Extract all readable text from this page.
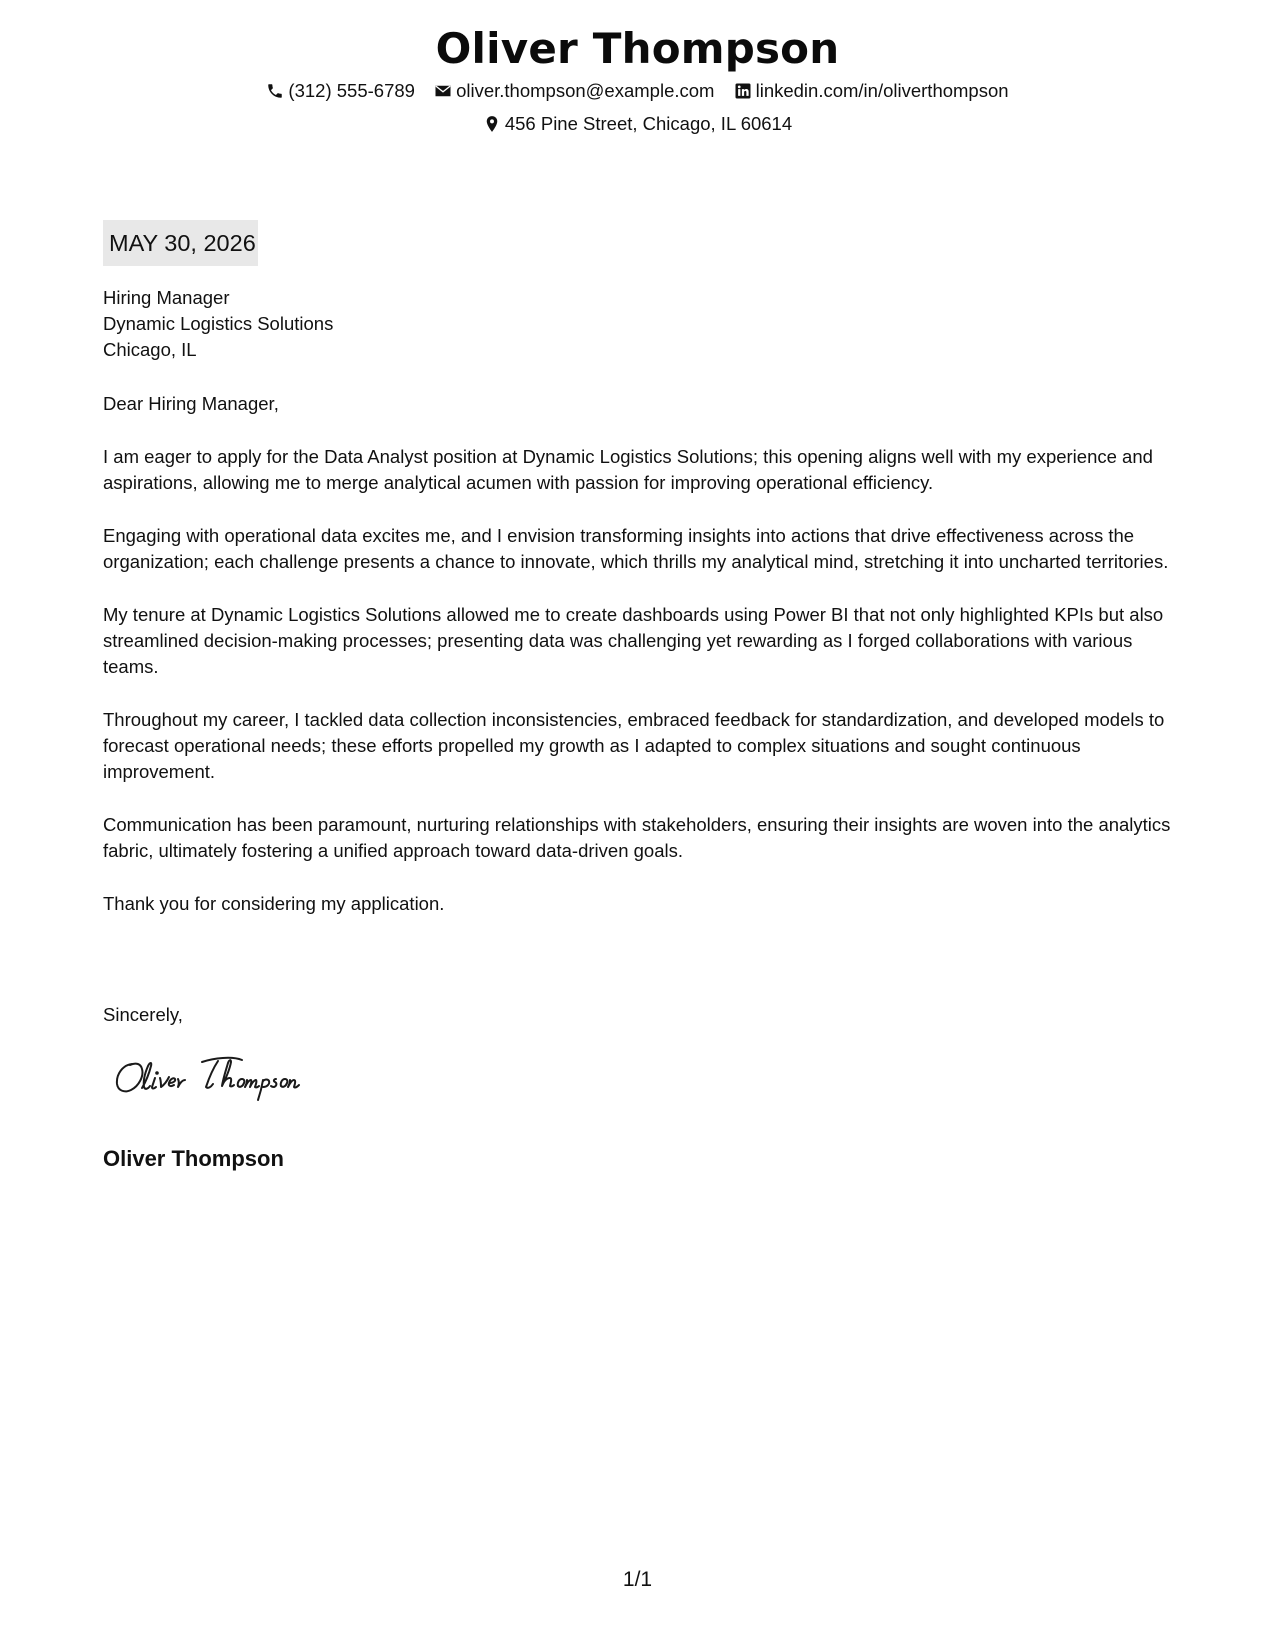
Oliver Thompson
(312) 555-6789
oliver.thompson@example.com
linkedin.com/in/oliverthompson
456 Pine Street, Chicago, IL 60614
MAY 30, 2026
Hiring Manager
Dynamic Logistics Solutions
Chicago, IL

Dear Hiring Manager,

I am eager to apply for the Data Analyst position at Dynamic Logistics Solutions; this opening aligns well with my experience and aspirations, allowing me to merge analytical acumen with passion for improving operational efficiency.

Engaging with operational data excites me, and I envision transforming insights into actions that drive effectiveness across the organization; each challenge presents a chance to innovate, which thrills my analytical mind, stretching it into uncharted territories.

My tenure at Dynamic Logistics Solutions allowed me to create dashboards using Power BI that not only highlighted KPIs but also streamlined decision-making processes; presenting data was challenging yet rewarding as I forged collaborations with various teams.

Throughout my career, I tackled data collection inconsistencies, embraced feedback for standardization, and developed models to forecast operational needs; these efforts propelled my growth as I adapted to complex situations and sought continuous improvement.

Communication has been paramount, nurturing relationships with stakeholders, ensuring their insights are woven into the analytics fabric, ultimately fostering a unified approach toward data-driven goals.

Thank you for considering my application.

Sincerely,
Oliver Thompson
1/1
